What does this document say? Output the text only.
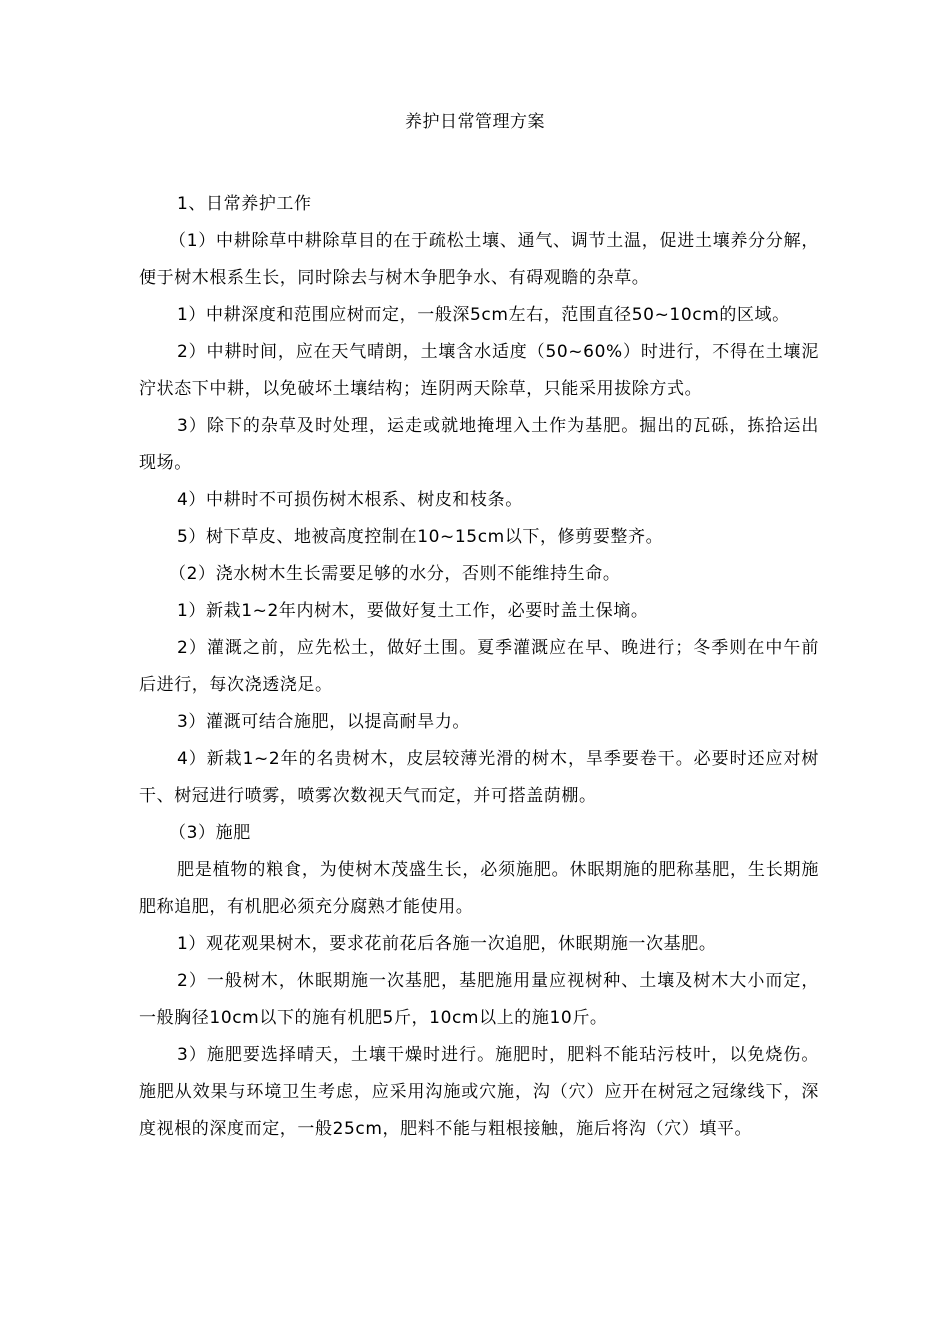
养护日常管理方案

1、日常养护工作

（1）中耕除草中耕除草目的在于疏松土壤、通气、调节土温，促进土壤养分分解，便于树木根系生长，同时除去与树木争肥争水、有碍观瞻的杂草。

1）中耕深度和范围应树而定，一般深5cm左右，范围直径50~10cm的区域。

2）中耕时间，应在天气晴朗，土壤含水适度（50~60%）时进行，不得在土壤泥泞状态下中耕，以免破坏土壤结构；连阴两天除草，只能采用拔除方式。

3）除下的杂草及时处理，运走或就地掩埋入土作为基肥。掘出的瓦砾，拣拾运出现场。

4）中耕时不可损伤树木根系、树皮和枝条。

5）树下草皮、地被高度控制在10~15cm以下，修剪要整齐。

（2）浇水树木生长需要足够的水分，否则不能维持生命。

1）新栽1~2年内树木，要做好复土工作，必要时盖土保墒。

2）灌溉之前，应先松土，做好土围。夏季灌溉应在早、晚进行；冬季则在中午前后进行，每次浇透浇足。

3）灌溉可结合施肥，以提高耐旱力。

4）新栽1~2年的名贵树木，皮层较薄光滑的树木，旱季要卷干。必要时还应对树干、树冠进行喷雾，喷雾次数视天气而定，并可搭盖荫棚。

（3）施肥

肥是植物的粮食，为使树木茂盛生长，必须施肥。休眠期施的肥称基肥，生长期施肥称追肥，有机肥必须充分腐熟才能使用。

1）观花观果树木，要求花前花后各施一次追肥，休眠期施一次基肥。

2）一般树木，休眠期施一次基肥，基肥施用量应视树种、土壤及树木大小而定，一般胸径10cm以下的施有机肥5斤，10cm以上的施10斤。

3）施肥要选择晴天，土壤干燥时进行。施肥时，肥料不能玷污枝叶，以免烧伤。施肥从效果与环境卫生考虑，应采用沟施或穴施，沟（穴）应开在树冠之冠缘线下，深度视根的深度而定，一般25cm，肥料不能与粗根接触，施后将沟（穴）填平。
